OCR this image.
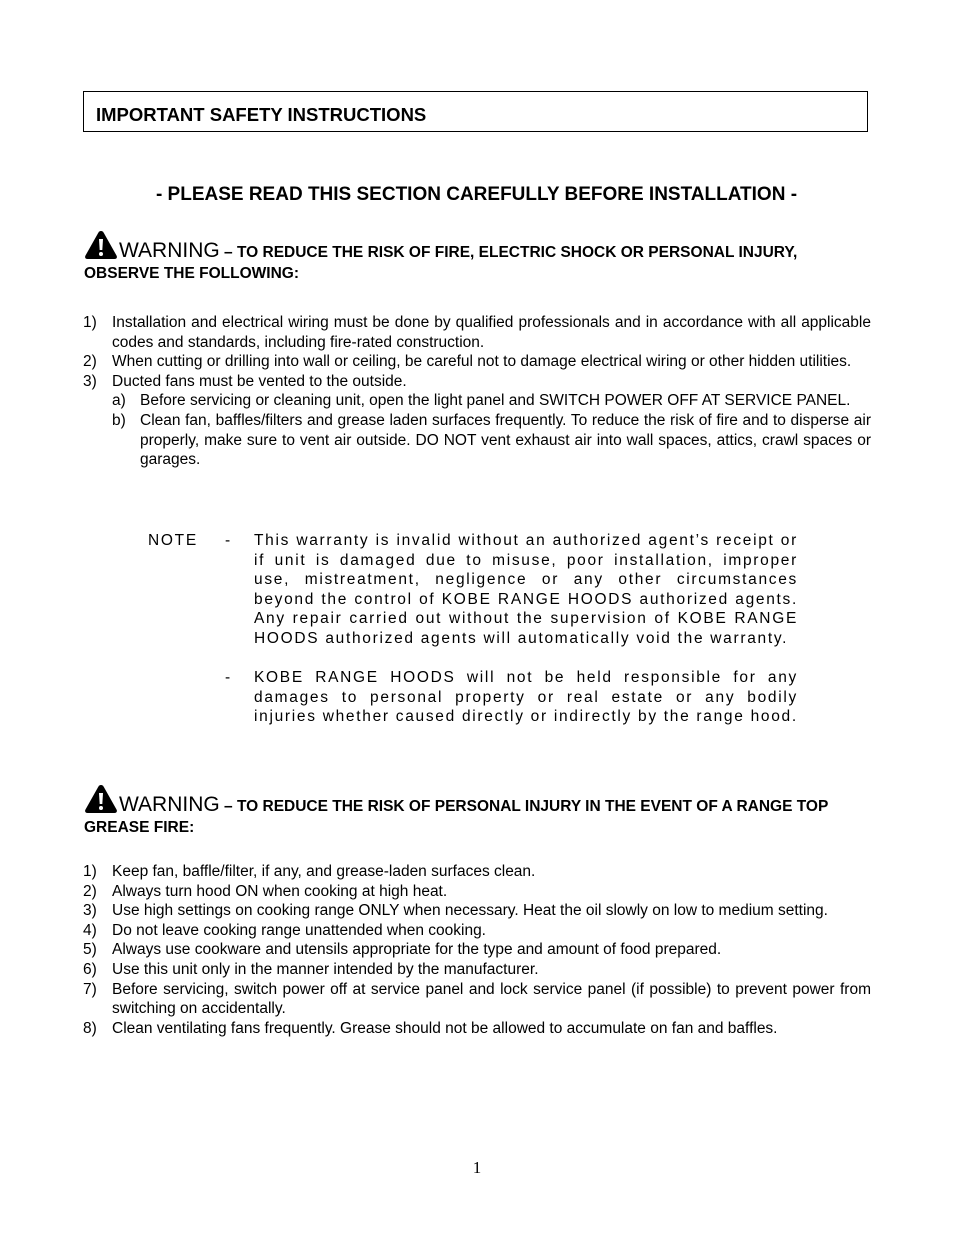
IMPORTANT SAFETY INSTRUCTIONS
- PLEASE READ THIS SECTION CAREFULLY BEFORE INSTALLATION -
WARNING – TO REDUCE THE RISK OF FIRE, ELECTRIC SHOCK OR PERSONAL INJURY, OBSERVE THE FOLLOWING:
1) Installation and electrical wiring must be done by qualified professionals and in accordance with all applicable codes and standards, including fire-rated construction.
2) When cutting or drilling into wall or ceiling, be careful not to damage electrical wiring or other hidden utilities.
3) Ducted fans must be vented to the outside.
a) Before servicing or cleaning unit, open the light panel and SWITCH POWER OFF AT SERVICE PANEL.
b) Clean fan, baffles/filters and grease laden surfaces frequently. To reduce the risk of fire and to disperse air properly, make sure to vent air outside. DO NOT vent exhaust air into wall spaces, attics, crawl spaces or garages.
NOTE - This warranty is invalid without an authorized agent’s receipt or if unit is damaged due to misuse, poor installation, improper use, mistreatment, negligence or any other circumstances beyond the control of KOBE RANGE HOODS authorized agents. Any repair carried out without the supervision of KOBE RANGE HOODS authorized agents will automatically void the warranty.
- KOBE RANGE HOODS will not be held responsible for any damages to personal property or real estate or any bodily injuries whether caused directly or indirectly by the range hood.
WARNING – TO REDUCE THE RISK OF PERSONAL INJURY IN THE EVENT OF A RANGE TOP GREASE FIRE:
1) Keep fan, baffle/filter, if any, and grease-laden surfaces clean.
2) Always turn hood ON when cooking at high heat.
3) Use high settings on cooking range ONLY when necessary. Heat the oil slowly on low to medium setting.
4) Do not leave cooking range unattended when cooking.
5) Always use cookware and utensils appropriate for the type and amount of food prepared.
6) Use this unit only in the manner intended by the manufacturer.
7) Before servicing, switch power off at service panel and lock service panel (if possible) to prevent power from switching on accidentally.
8) Clean ventilating fans frequently. Grease should not be allowed to accumulate on fan and baffles.
1
